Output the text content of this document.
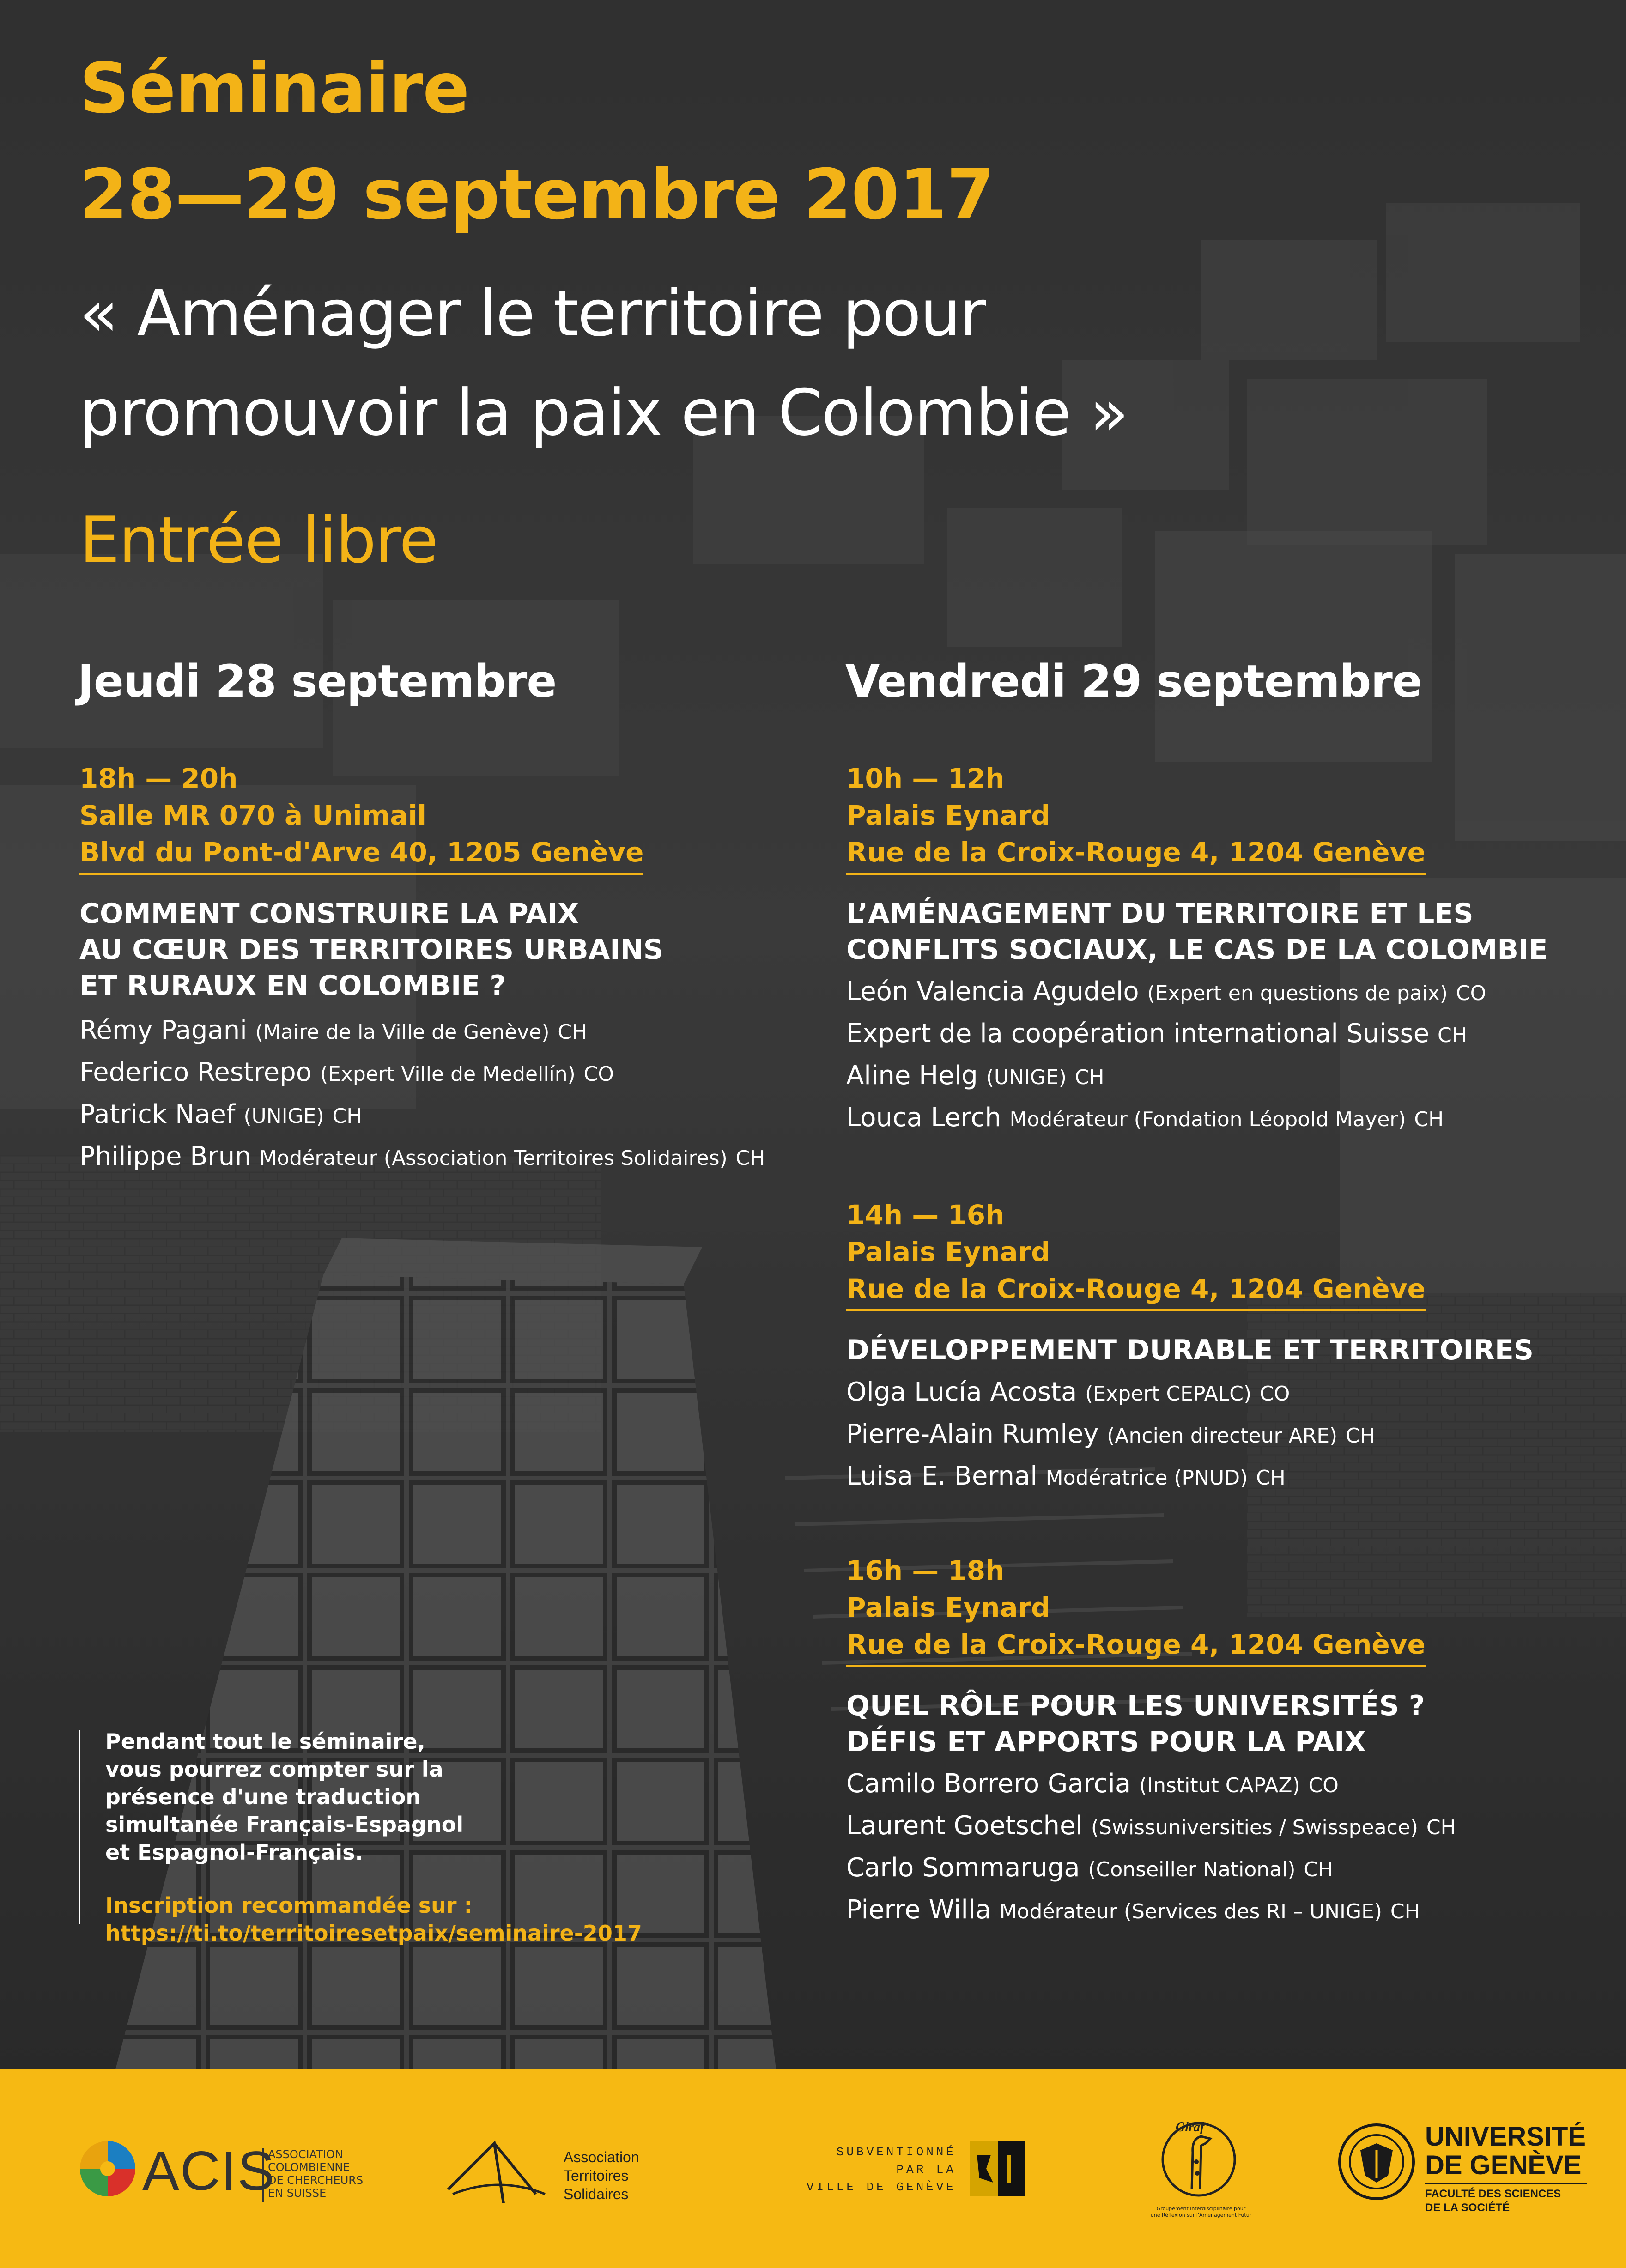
Séminaire
28—29 septembre 2017
« Aménager le territoire pour
promouvoir la paix en Colombie »
Entrée libre
Jeudi 28 septembre
18h — 20h
Salle MR 070 à Unimail
Blvd du Pont-d'Arve 40, 1205 Genève
COMMENT CONSTRUIRE LA PAIX
AU CŒUR DES TERRITOIRES URBAINS
ET RURAUX EN COLOMBIE ?
Rémy Pagani (Maire de la Ville de Genève) CH
Federico Restrepo (Expert Ville de Medellín) CO
Patrick Naef (UNIGE) CH
Philippe Brun Modérateur (Association Territoires Solidaires) CH
Vendredi 29 septembre
10h — 12h
Palais Eynard
Rue de la Croix-Rouge 4, 1204 Genève
L’AMÉNAGEMENT DU TERRITOIRE ET LES
CONFLITS SOCIAUX, LE CAS DE LA COLOMBIE
León Valencia Agudelo (Expert en questions de paix) CO
Expert de la coopération international Suisse CH
Aline Helg (UNIGE) CH
Louca Lerch Modérateur (Fondation Léopold Mayer) CH
14h — 16h
Palais Eynard
Rue de la Croix-Rouge 4, 1204 Genève
DÉVELOPPEMENT DURABLE ET TERRITOIRES
Olga Lucía Acosta (Expert CEPALC) CO
Pierre-Alain Rumley (Ancien directeur ARE) CH
Luisa E. Bernal Modératrice (PNUD) CH
16h — 18h
Palais Eynard
Rue de la Croix-Rouge 4, 1204 Genève
QUEL RÔLE POUR LES UNIVERSITÉS ?
DÉFIS ET APPORTS POUR LA PAIX
Camilo Borrero Garcia (Institut CAPAZ) CO
Laurent Goetschel (Swissuniversities / Swisspeace) CH
Carlo Sommaruga (Conseiller National) CH
Pierre Willa Modérateur (Services des RI – UNIGE) CH
Pendant tout le séminaire,
vous pourrez compter sur la
présence d'une traduction
simultanée Français-Espagnol
et Espagnol-Français.
Inscription recommandée sur :
https://ti.to/territoiresetpaix/seminaire-2017
ACIS
ASSOCIATION
COLOMBIENNE
DE CHERCHEURS
EN SUISSE
Association
Territoires
Solidaires
SUBVENTIONNÉ
PAR LA
VILLE DE GENÈVE
Giraf
Groupement interdisciplinaire pour
une Réflexion sur l'Aménagement Futur
UNIVERSITÉ
DE GENÈVE
FACULTÉ DES SCIENCES
DE LA SOCIÉTÉ
